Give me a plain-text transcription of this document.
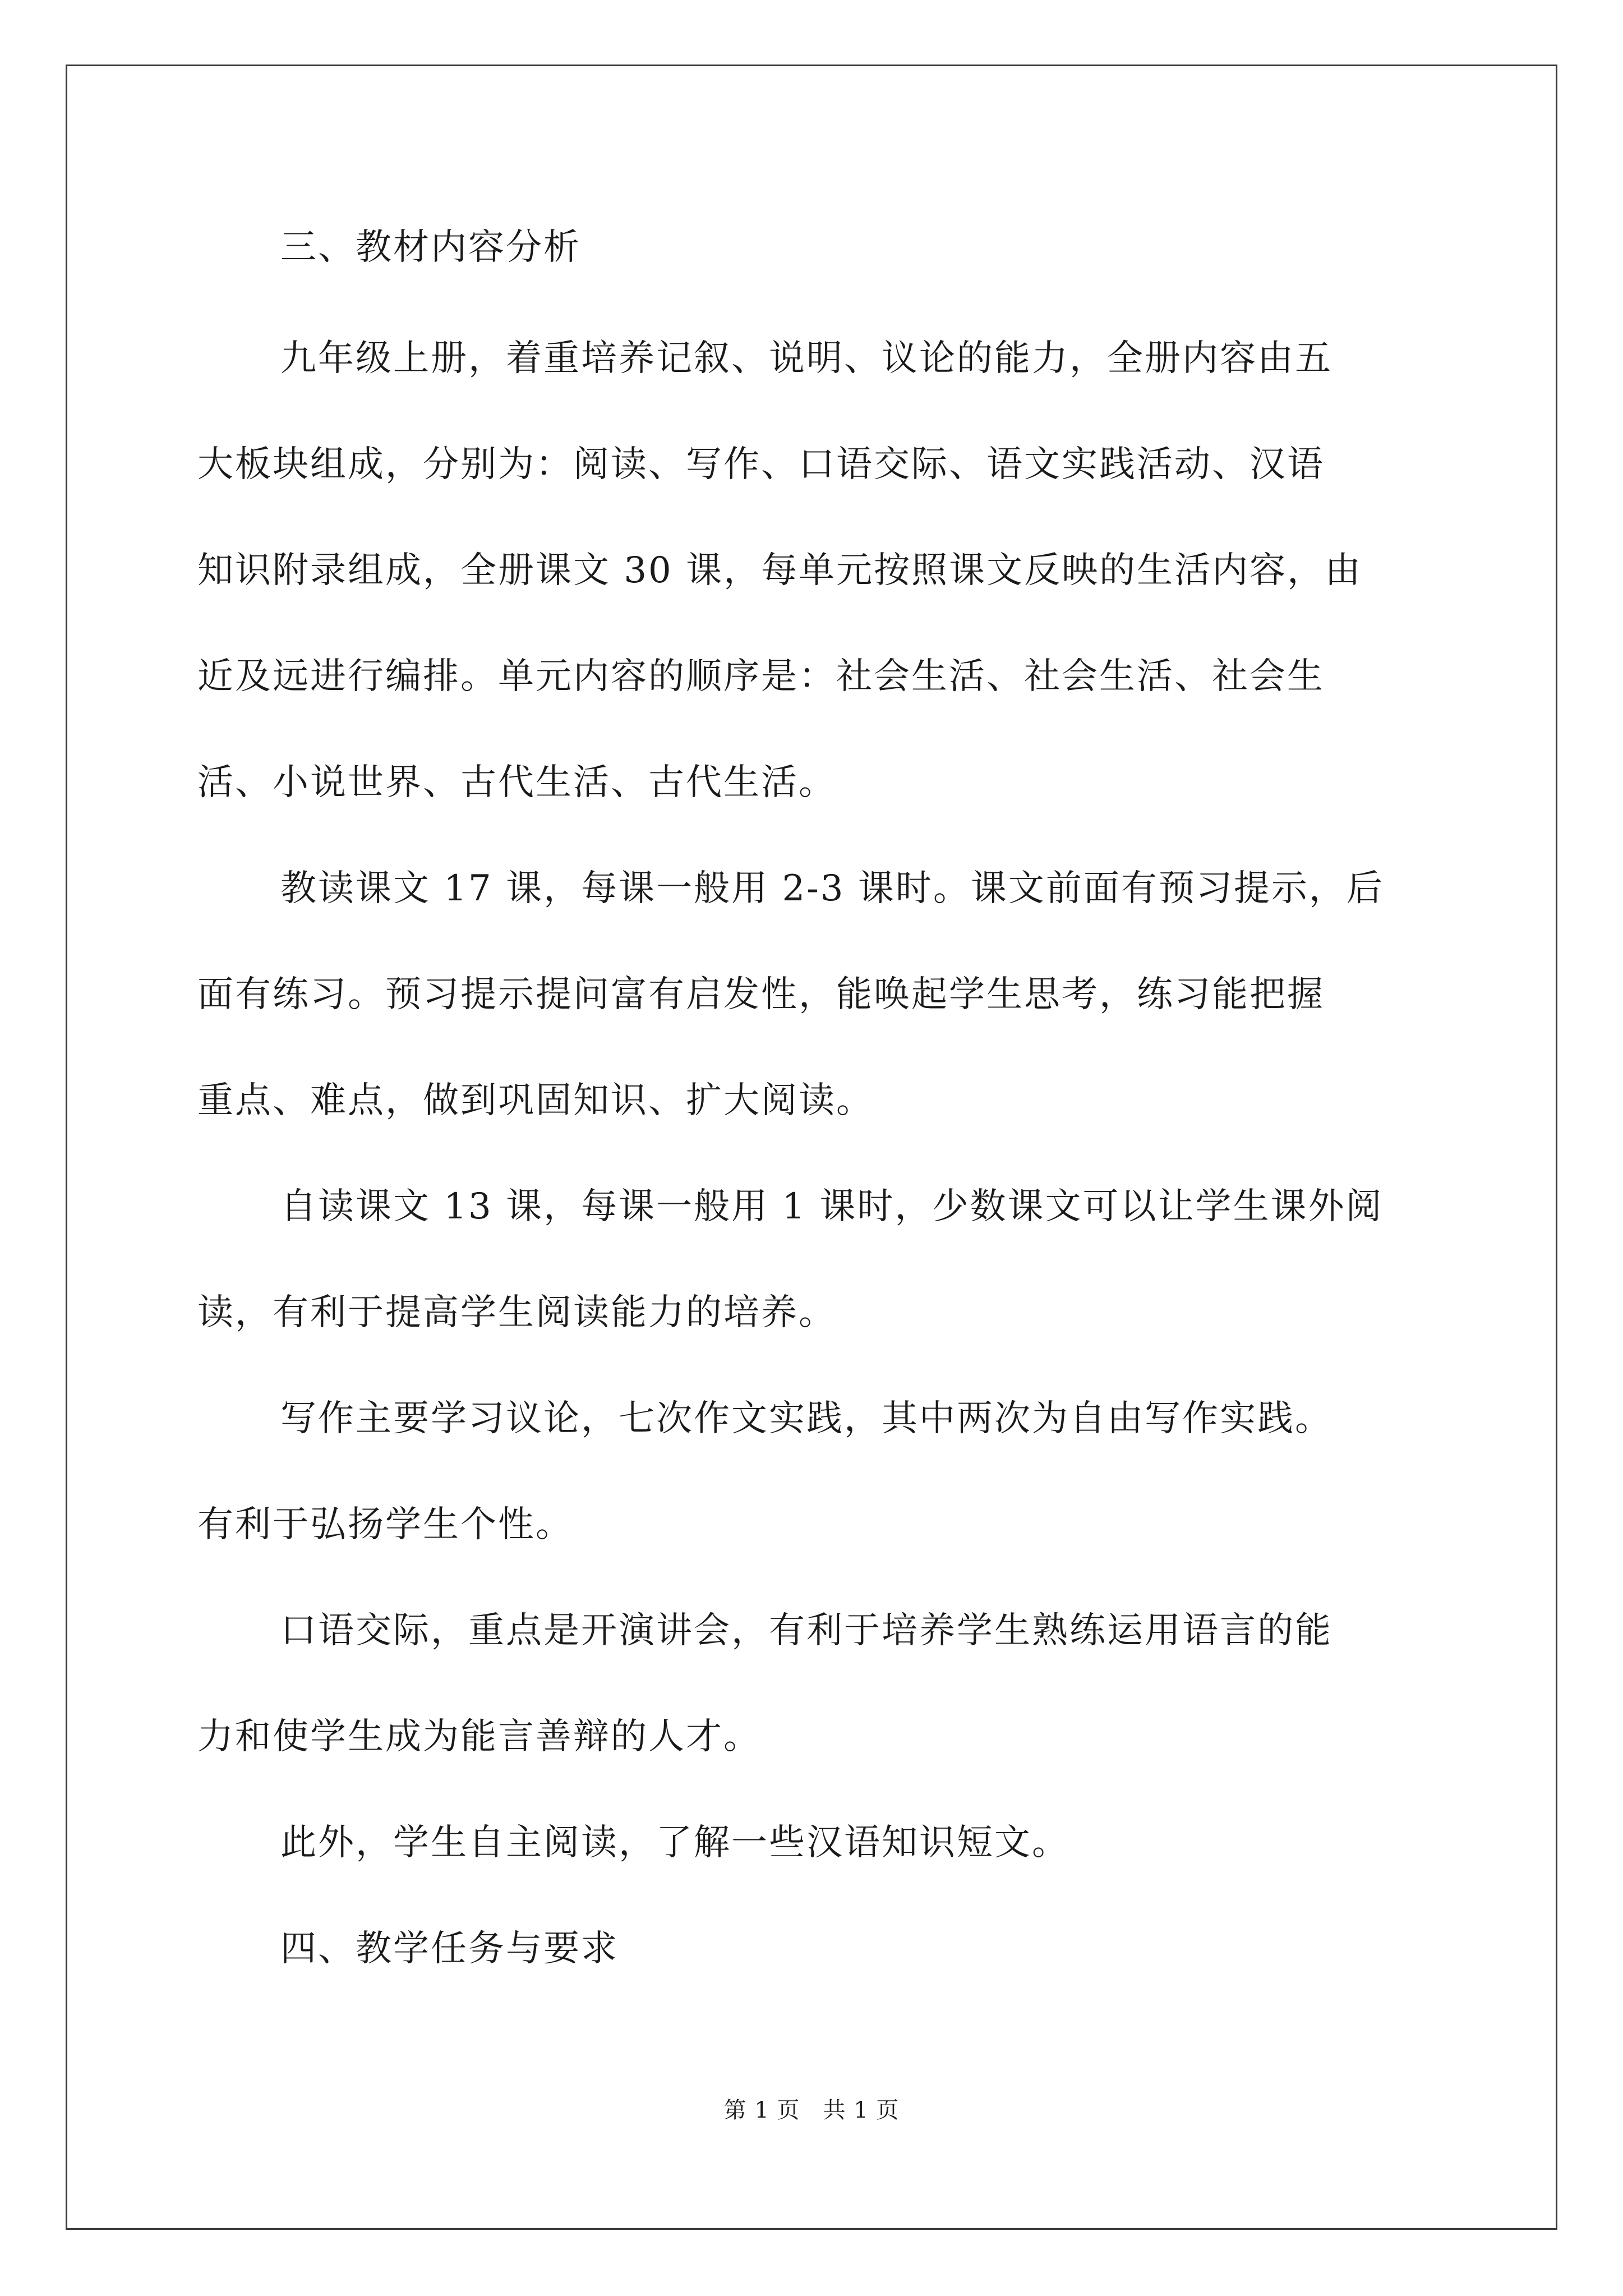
三、教材内容分析
九年级上册，着重培养记叙、说明、议论的能力，全册内容由五
大板块组成，分别为：阅读、写作、口语交际、语文实践活动、汉语
知识附录组成，全册课文 30 课，每单元按照课文反映的生活内容，由
近及远进行编排。单元内容的顺序是：社会生活、社会生活、社会生
活、小说世界、古代生活、古代生活。
教读课文 17 课，每课一般用 2-3 课时。课文前面有预习提示，后
面有练习。预习提示提问富有启发性，能唤起学生思考，练习能把握
重点、难点，做到巩固知识、扩大阅读。
自读课文 13 课，每课一般用 1 课时，少数课文可以让学生课外阅
读，有利于提高学生阅读能力的培养。
写作主要学习议论，七次作文实践，其中两次为自由写作实践。
有利于弘扬学生个性。
口语交际，重点是开演讲会，有利于培养学生熟练运用语言的能
力和使学生成为能言善辩的人才。
此外，学生自主阅读，了解一些汉语知识短文。
四、教学任务与要求
第 1 页　共 1 页
